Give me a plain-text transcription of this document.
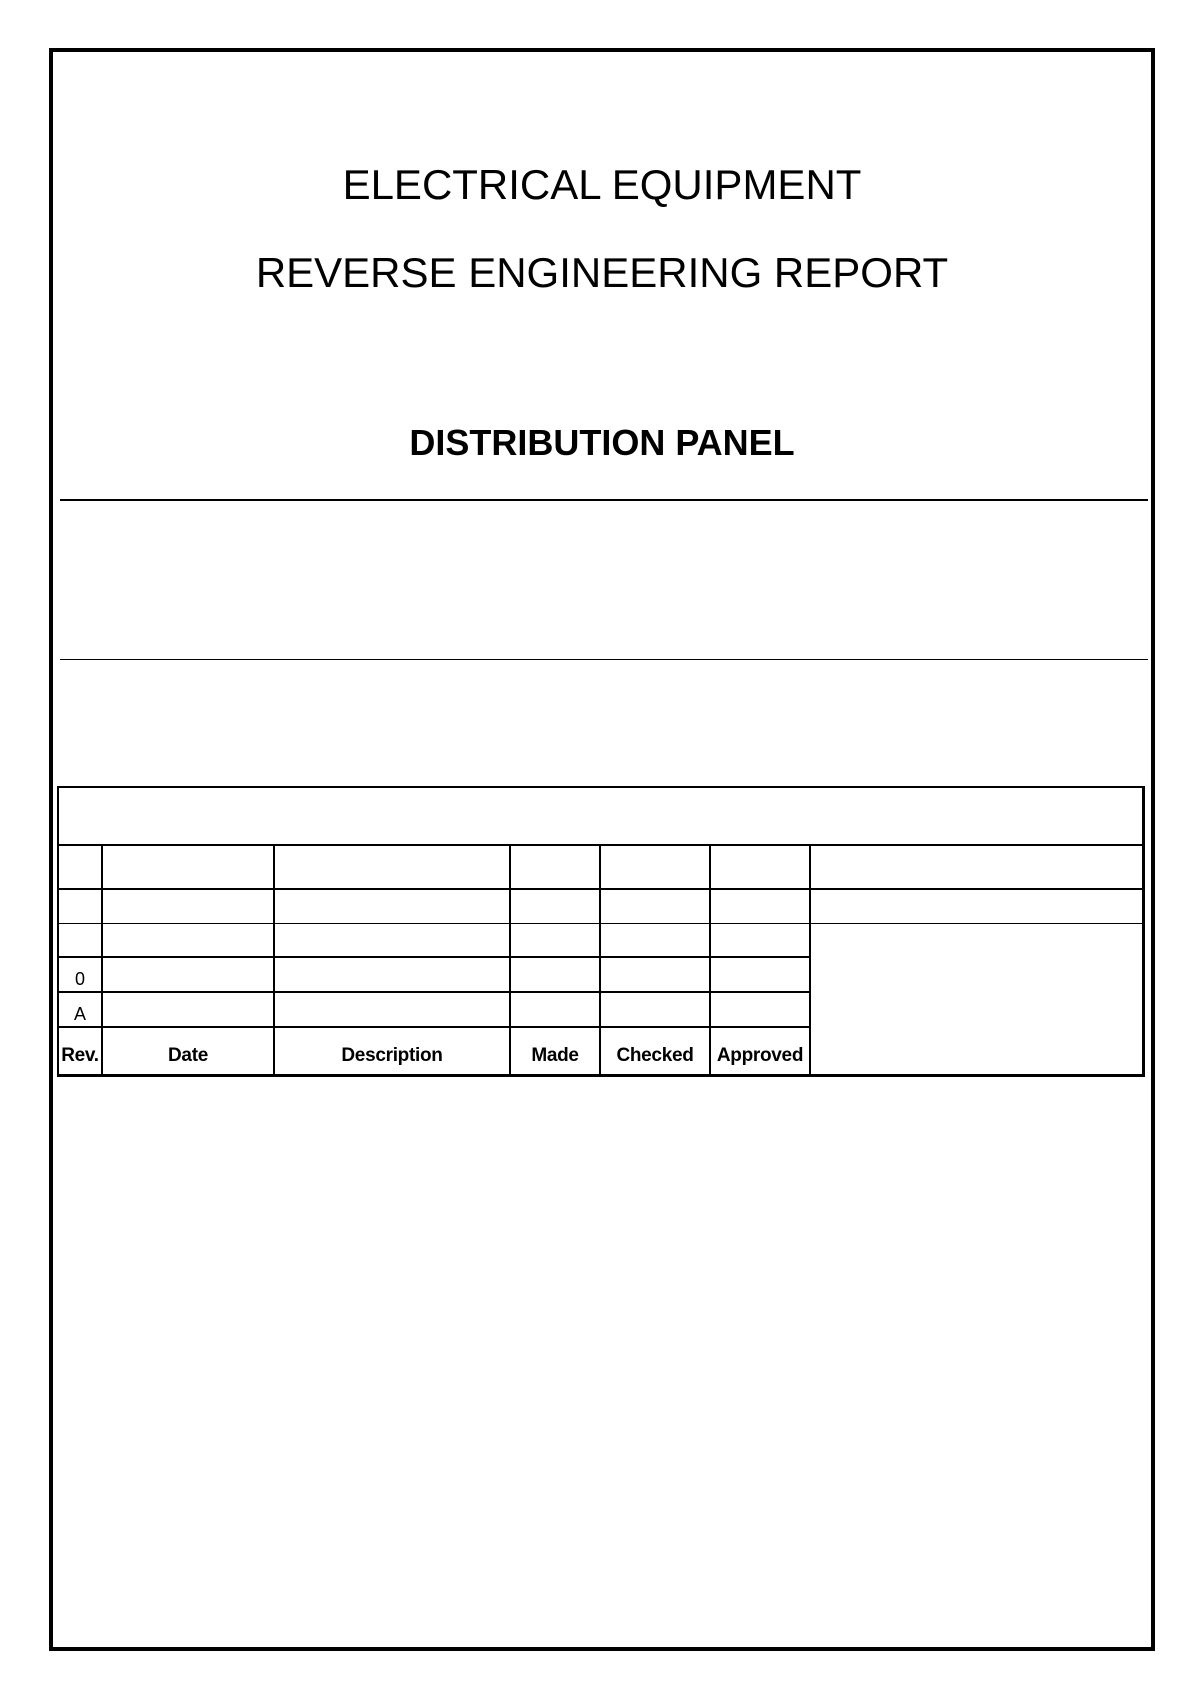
ELECTRICAL EQUIPMENT
REVERSE ENGINEERING REPORT
DISTRIBUTION PANEL
0
A
Rev.	Date	Description	Made	Checked	Approved
